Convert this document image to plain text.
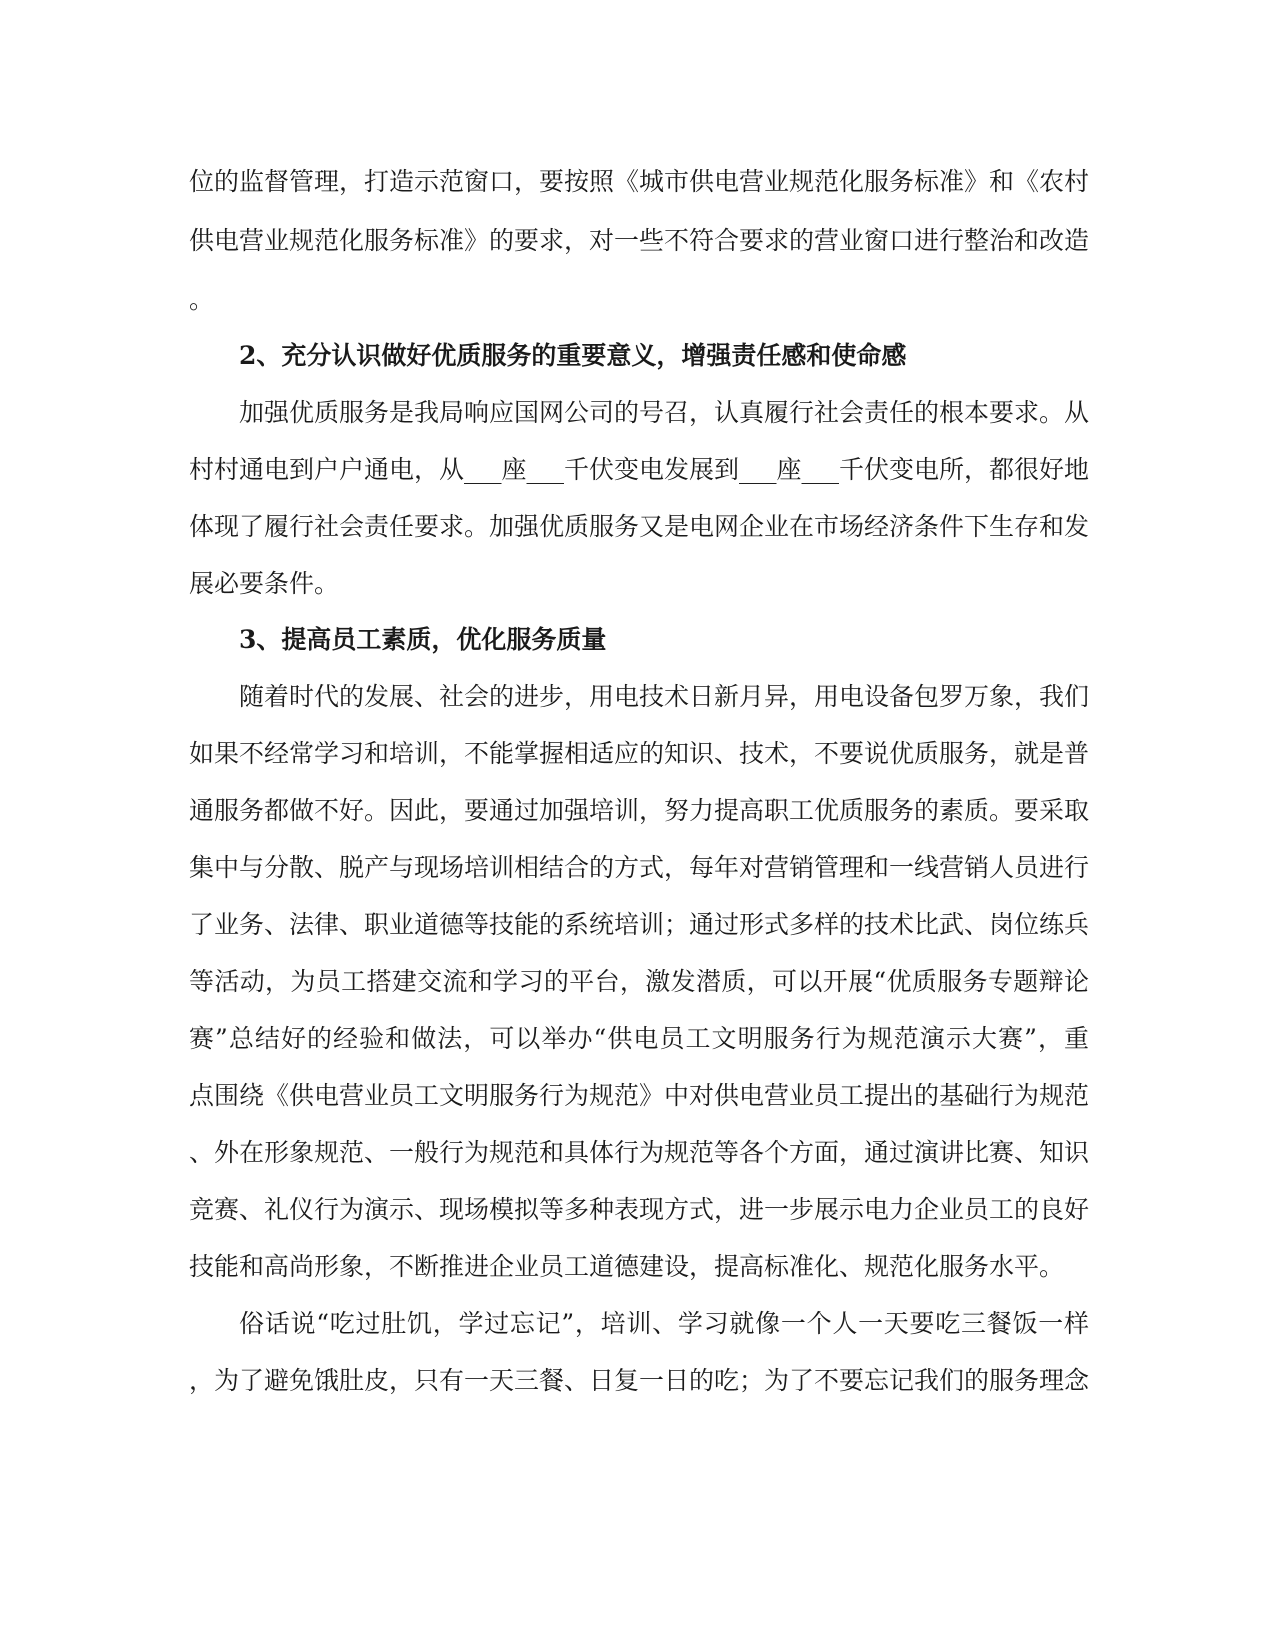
位的监督管理，打造示范窗口，要按照《城市供电营业规范化服务标准》和《农村

供电营业规范化服务标准》的要求，对一些不符合要求的营业窗口进行整治和改造

。

2、充分认识做好优质服务的重要意义，增强责任感和使命感

加强优质服务是我局响应国网公司的号召，认真履行社会责任的根本要求。从

村村通电到户户通电，从___座___千伏变电发展到___座___千伏变电所，都很好地

体现了履行社会责任要求。加强优质服务又是电网企业在市场经济条件下生存和发

展必要条件。

3、提高员工素质，优化服务质量

随着时代的发展、社会的进步，用电技术日新月异，用电设备包罗万象，我们

如果不经常学习和培训，不能掌握相适应的知识、技术，不要说优质服务，就是普

通服务都做不好。因此，要通过加强培训，努力提高职工优质服务的素质。要采取

集中与分散、脱产与现场培训相结合的方式，每年对营销管理和一线营销人员进行

了业务、法律、职业道德等技能的系统培训；通过形式多样的技术比武、岗位练兵

等活动，为员工搭建交流和学习的平台，激发潜质，可以开展“优质服务专题辩论

赛”总结好的经验和做法，可以举办“供电员工文明服务行为规范演示大赛”，重

点围绕《供电营业员工文明服务行为规范》中对供电营业员工提出的基础行为规范

、外在形象规范、一般行为规范和具体行为规范等各个方面，通过演讲比赛、知识

竞赛、礼仪行为演示、现场模拟等多种表现方式，进一步展示电力企业员工的良好

技能和高尚形象，不断推进企业员工道德建设，提高标准化、规范化服务水平。

俗话说“吃过肚饥，学过忘记”，培训、学习就像一个人一天要吃三餐饭一样

，为了避免饿肚皮，只有一天三餐、日复一日的吃；为了不要忘记我们的服务理念
